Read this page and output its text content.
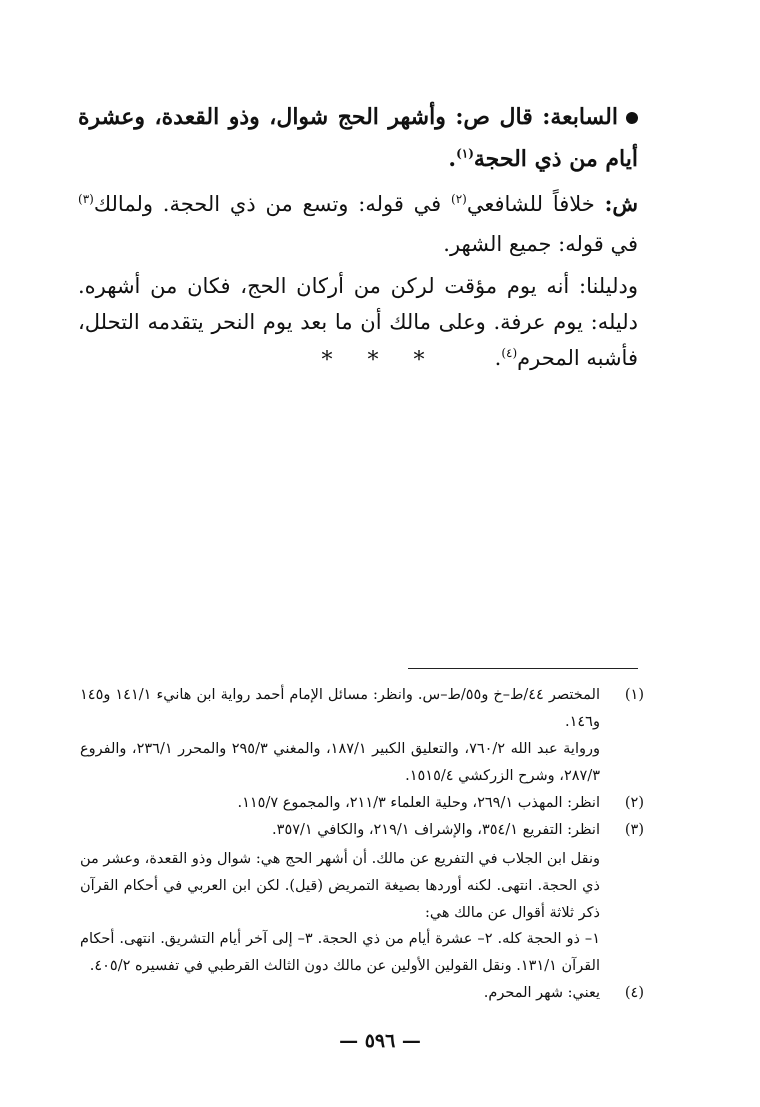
السابعة: قال ص: وأشهر الحج شوال، وذو القعدة، وعشرة أيام من ذي الحجة$^{(١)}$.
ش: خلافاً للشافعي$^{(٢)}$ في قوله: وتسع من ذي الحجة. ولمالك$^{(٣)}$ في قوله: جميع الشهر.
ودليلنا: أنه يوم مؤقت لركن من أركان الحج، فكان من أشهره. دليله: يوم عرفة. وعلى مالك أن ما بعد يوم النحر يتقدمه التحلل، فأشبه المحرم$^{(٤)}$.
* * *
(١)
المختصر ٤٤/ط–خ و٥٥/ط–س. وانظر: مسائل الإمام أحمد رواية ابن هانيء ١٤١/١ و١٤٥ و١٤٦.
ورواية عبد الله ٧٦٠/٢، والتعليق الكبير ١٨٧/١، والمغني ٢٩٥/٣ والمحرر ٢٣٦/١، والفروع ٢٨٧/٣، وشرح الزركشي ١٥١٥/٤.
(٢)
انظر: المهذب ٢٦٩/١، وحلية العلماء ٢١١/٣، والمجموع ١١٥/٧.
(٣)
انظر: التفريع ٣٥٤/١، والإشراف ٢١٩/١، والكافي ٣٥٧/١.
ونقل ابن الجلاب في التفريع عن مالك. أن أشهر الحج هي: شوال وذو القعدة، وعشر من ذي الحجة. انتهى. لكنه أوردها بصيغة التمريض (قيل). لكن ابن العربي في أحكام القرآن ذكر ثلاثة أقوال عن مالك هي:
١– ذو الحجة كله. ٢– عشرة أيام من ذي الحجة. ٣– إلى آخر أيام التشريق. انتهى. أحكام القرآن ١٣١/١. ونقل القولين الأولين عن مالك دون الثالث القرطبي في تفسيره ٤٠٥/٢.
(٤)
يعني: شهر المحرم.
— ٥٩٦ —
